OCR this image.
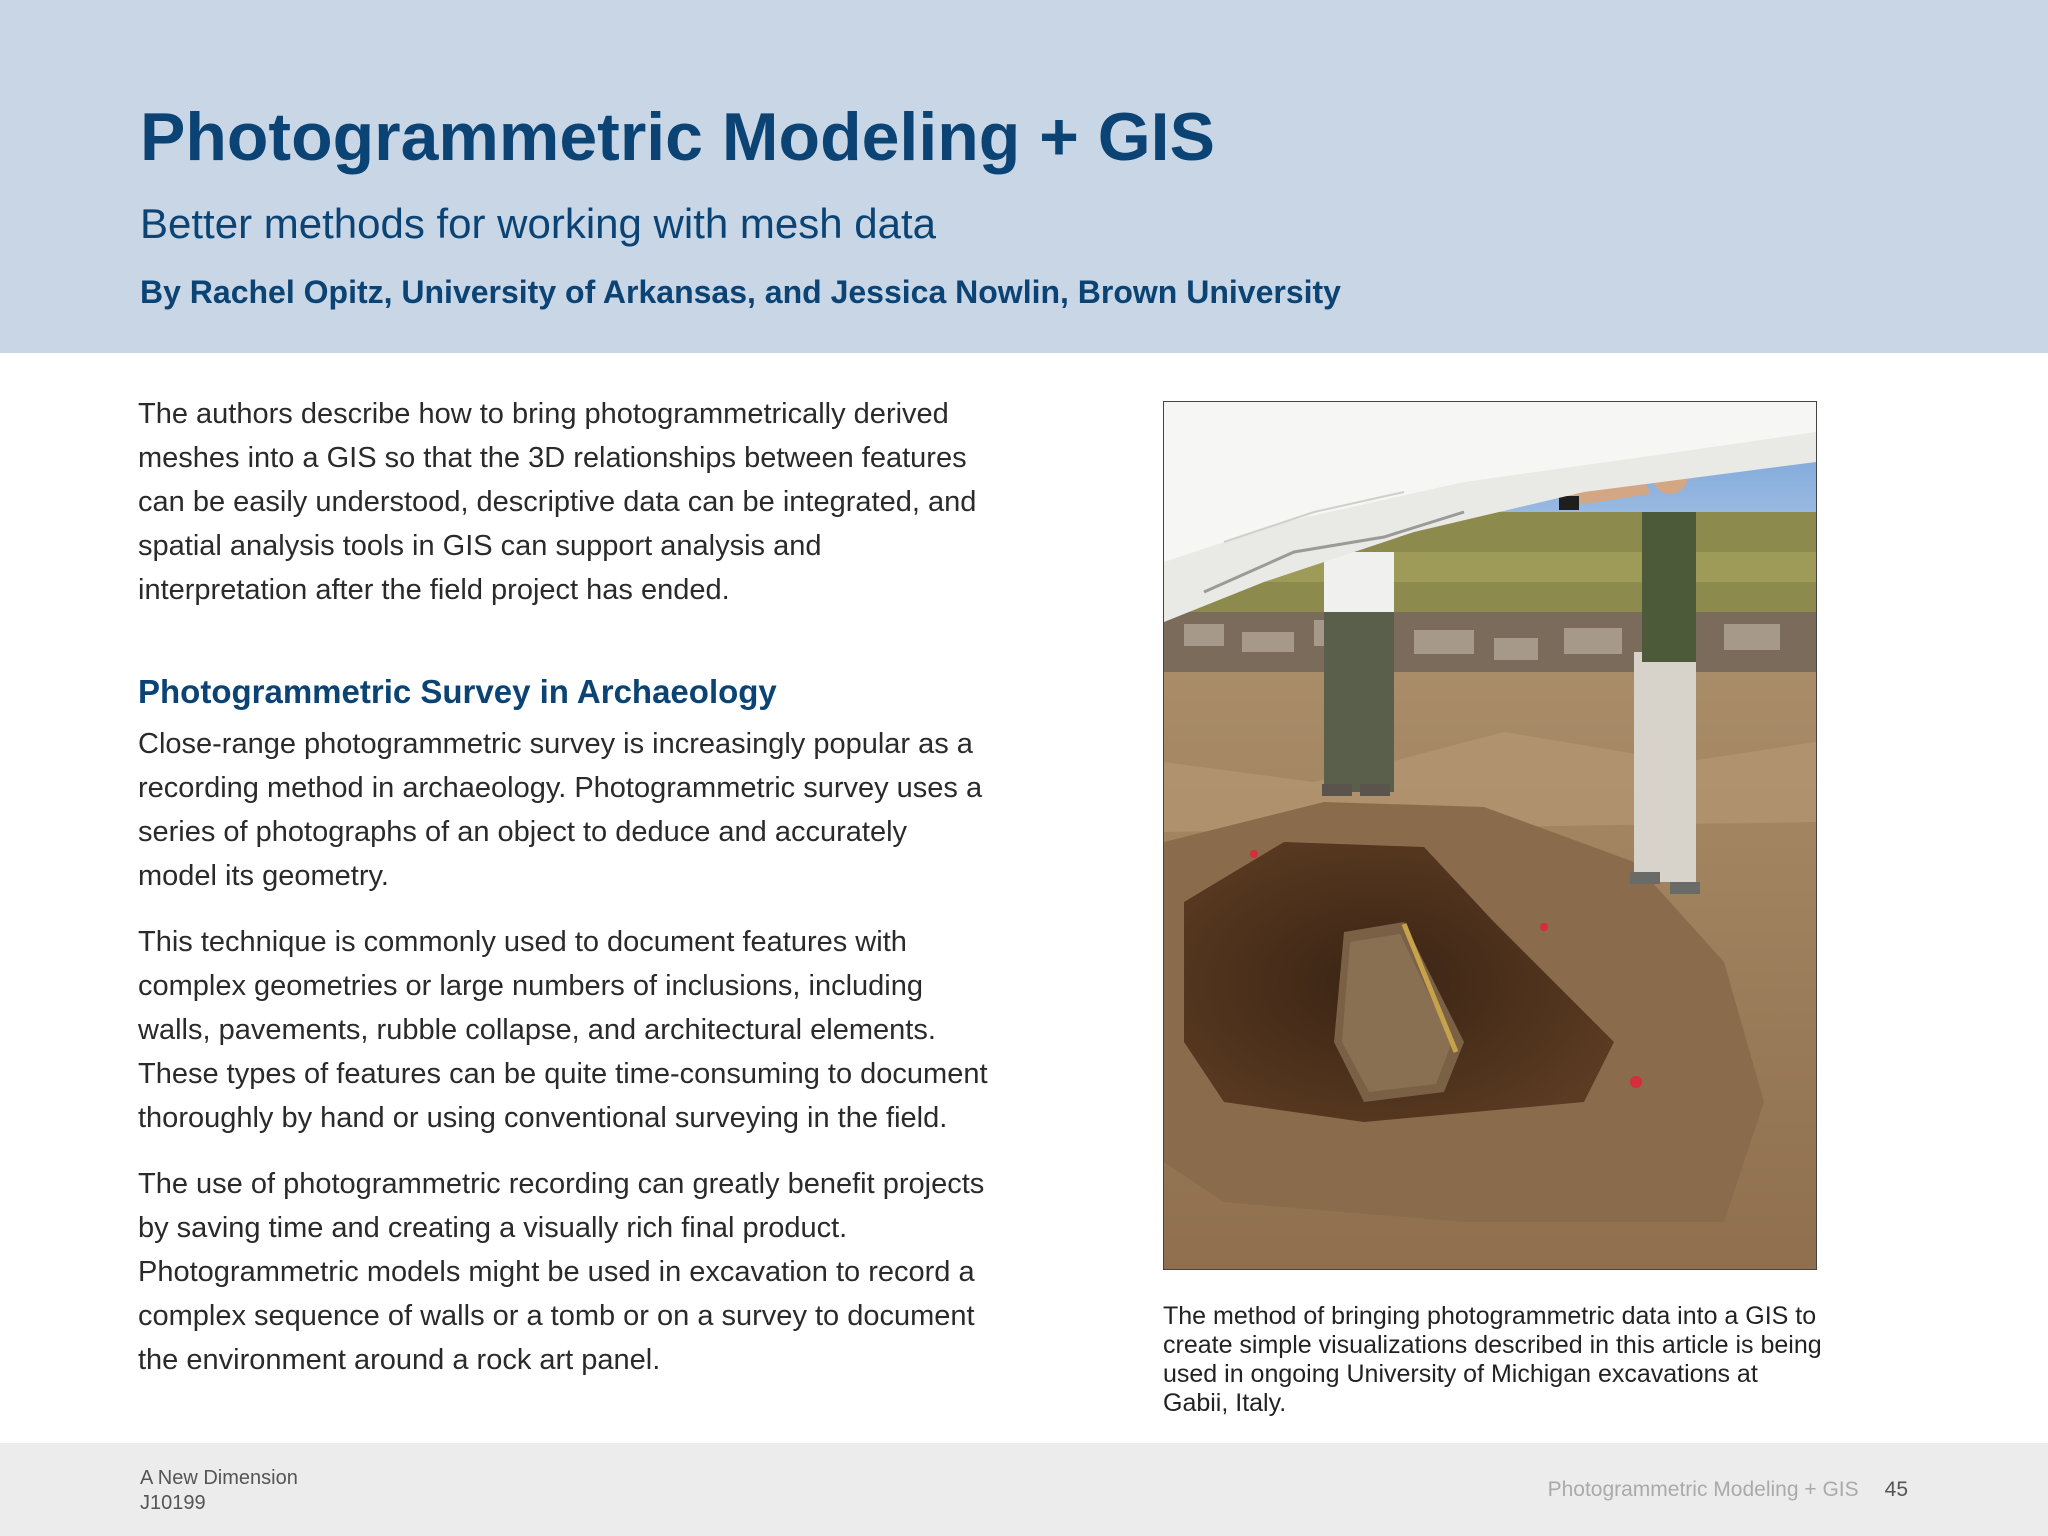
Photogrammetric Modeling + GIS
Better methods for working with mesh data

By Rachel Opitz, University of Arkansas, and Jessica Nowlin, Brown University

The authors describe how to bring photogrammetrically derived meshes into a GIS so that the 3D relationships between features can be easily understood, descriptive data can be integrated, and spatial analysis tools in GIS can support analysis and interpretation after the field project has ended.

Photogrammetric Survey in Archaeology

Close-range photogrammetric survey is increasingly popular as a recording method in archaeology. Photogrammetric survey uses a series of photographs of an object to deduce and accurately model its geometry.

This technique is commonly used to document features with complex geometries or large numbers of inclusions, including walls, pavements, rubble collapse, and architectural elements. These types of features can be quite time-consuming to document thoroughly by hand or using conventional surveying in the field.

The use of photogrammetric recording can greatly benefit projects by saving time and creating a visually rich final product. Photogrammetric models might be used in excavation to record a complex sequence of walls or a tomb or on a survey to document the environment around a rock art panel.

The method of bringing photogrammetric data into a GIS to create simple visualizations described in this article is being used in ongoing University of Michigan excavations at Gabii, Italy.

A New Dimension
J10199
Photogrammetric Modeling + GIS 45
